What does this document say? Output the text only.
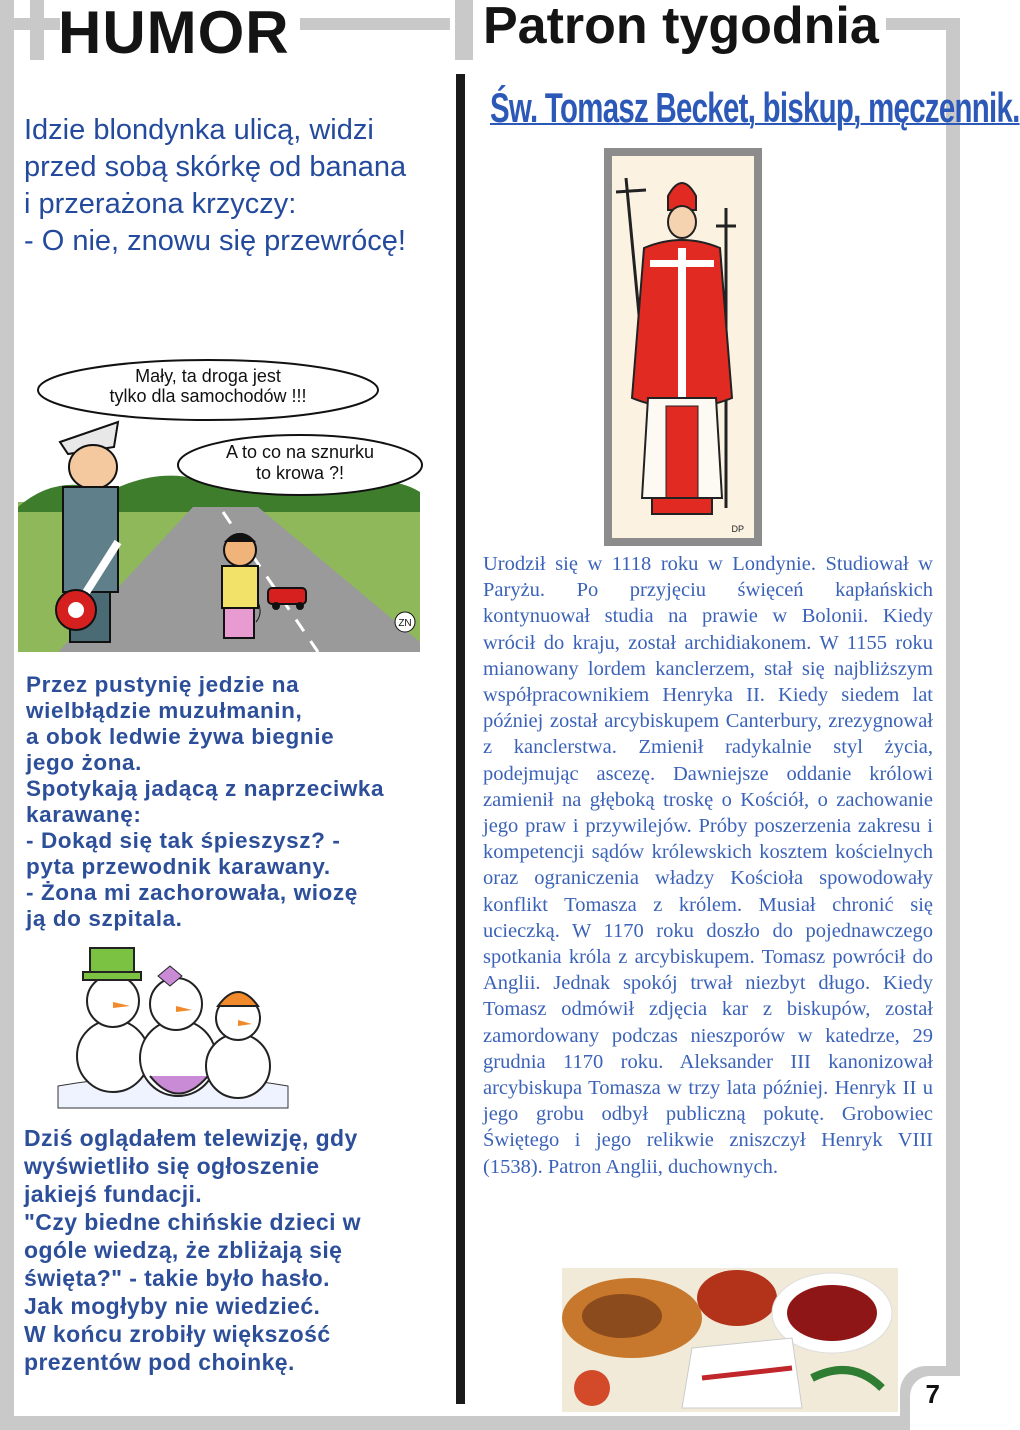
HUMOR	Patron tygodnia

Idzie blondynka ulicą, widzi

przed sobą skórkę od banana

i przerażona krzyczy:

- O nie, znowu się przewrócę!

Mały, ta droga jest
tylko dla samochodów !!!
A to co na sznurku
to krowa ?!
ZN

Przez pustynię jedzie na

wielbłądzie muzułmanin,

a obok ledwie żywa biegnie

jego żona.

Spotykają jadącą z naprzeciwka

karawanę:

- Dokąd się tak śpieszysz? -

pyta przewodnik karawany.

- Żona mi zachorowała, wiozę

ją do szpitala.

Dziś oglądałem telewizję, gdy

wyświetliło się ogłoszenie

jakiejś fundacji.

"Czy biedne chińskie dzieci w

ogóle wiedzą, że zbliżają się

święta?" - takie było hasło.

Jak mogłyby nie wiedzieć.

W końcu zrobiły większość

prezentów pod choinkę.

Św. Tomasz Becket, biskup, męczennik.
DP

Urodził się w 1118 roku w Londynie. Studiował w Paryżu. Po przyjęciu święceń kapłańskich kontynuował studia na prawie w Bolonii. Kiedy wrócił do kraju, został archidiakonem. W 1155 roku mianowany lordem kanclerzem, stał się najbliższym współpracownikiem Henryka II. Kiedy siedem lat później został arcybiskupem Canterbury, zrezygnował z kanclerstwa. Zmienił radykalnie styl życia, podejmując ascezę. Dawniejsze oddanie królowi zamienił na głęboką troskę o Kościół, o zachowanie jego praw i przywilejów. Próby poszerzenia zakresu i kompetencji sądów królewskich kosztem kościelnych oraz ograniczenia władzy Kościoła spowodowały konflikt Tomasza z królem. Musiał chronić się ucieczką. W 1170 roku doszło do pojednawczego spotkania króla z arcybiskupem. Tomasz powrócił do Anglii. Jednak spokój trwał niezbyt długo. Kiedy Tomasz odmówił zdjęcia kar z biskupów, został zamordowany podczas nieszporów w katedrze, 29 grudnia 1170 roku. Aleksander III kanonizował arcybiskupa Tomasza w trzy lata później. Henryk II u jego grobu odbył publiczną pokutę. Grobowiec Świętego i jego relikwie zniszczył Henryk VIII (1538). Patron Anglii, duchownych.

7
